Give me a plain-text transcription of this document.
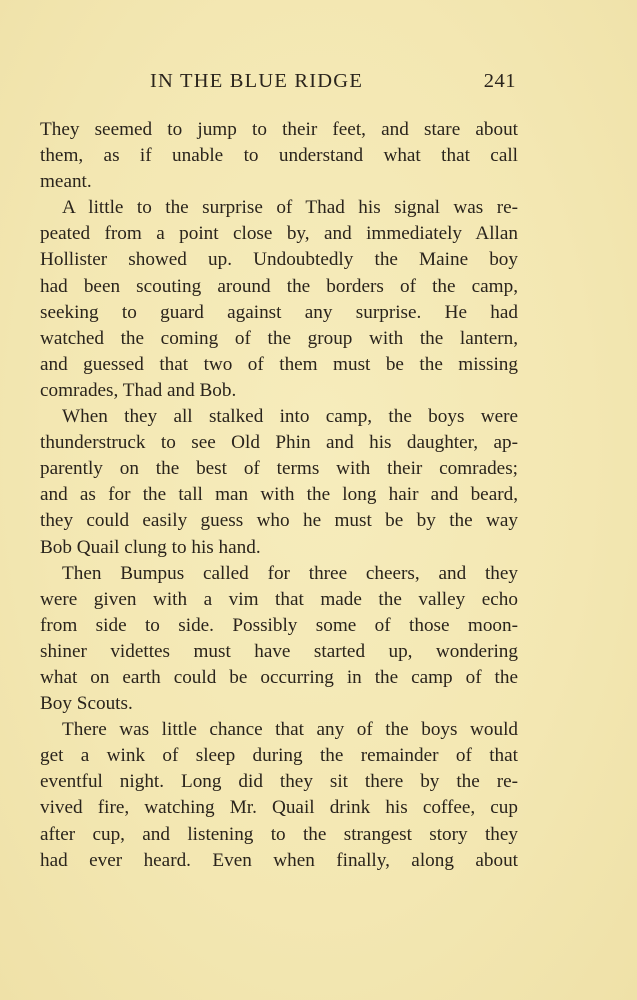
IN THE BLUE RIDGE	241
They seemed to jump to their feet, and stare about
them, as if unable to understand what that call
meant.
A little to the surprise of Thad his signal was re-
peated from a point close by, and immediately Allan
Hollister showed up. Undoubtedly the Maine boy
had been scouting around the borders of the camp,
seeking to guard against any surprise. He had
watched the coming of the group with the lantern,
and guessed that two of them must be the missing
comrades, Thad and Bob.
When they all stalked into camp, the boys were
thunderstruck to see Old Phin and his daughter, ap-
parently on the best of terms with their comrades;
and as for the tall man with the long hair and beard,
they could easily guess who he must be by the way
Bob Quail clung to his hand.
Then Bumpus called for three cheers, and they
were given with a vim that made the valley echo
from side to side. Possibly some of those moon-
shiner videttes must have started up, wondering
what on earth could be occurring in the camp of the
Boy Scouts.
There was little chance that any of the boys would
get a wink of sleep during the remainder of that
eventful night. Long did they sit there by the re-
vived fire, watching Mr. Quail drink his coffee, cup
after cup, and listening to the strangest story they
had ever heard. Even when finally, along about
